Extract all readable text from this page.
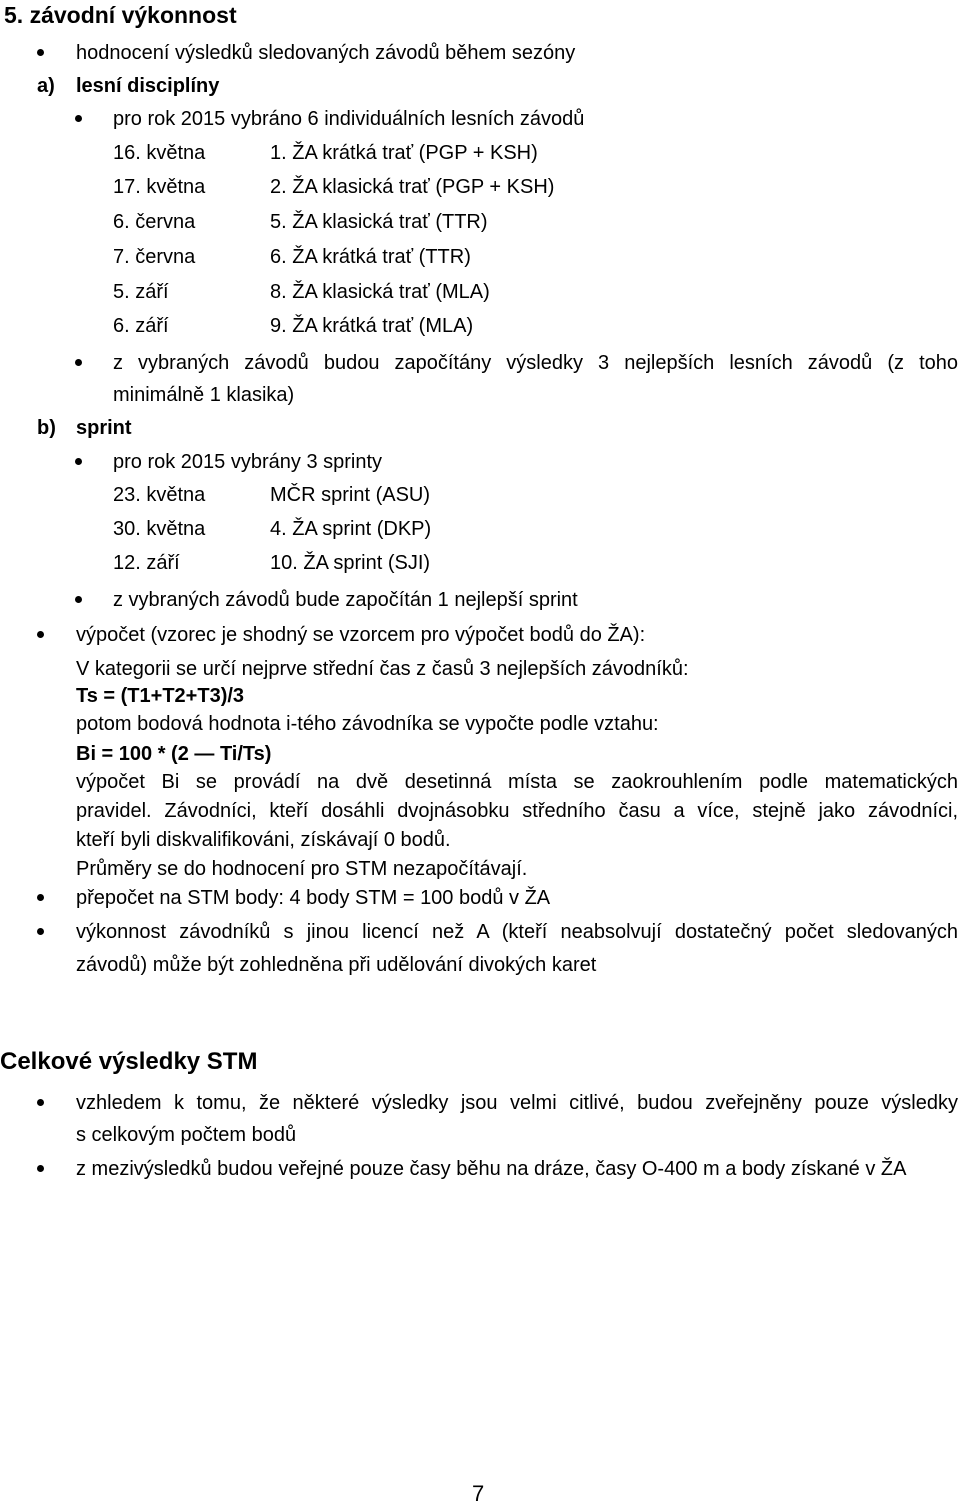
5. závodní výkonnost
hodnocení výsledků sledovaných závodů během sezóny
a) lesní disciplíny
pro rok 2015 vybráno 6 individuálních lesních závodů
16. května	1. ŽA krátká trať (PGP + KSH)
17. května	2. ŽA klasická trať (PGP + KSH)
6. června	5. ŽA klasická trať (TTR)
7. června	6. ŽA krátká trať (TTR)
5. září	8. ŽA klasická trať (MLA)
6. září	9. ŽA krátká trať (MLA)
z vybraných závodů budou započítány výsledky 3 nejlepších lesních závodů (z toho
minimálně 1 klasika)
b) sprint
pro rok 2015 vybrány 3 sprinty
23. května	MČR sprint (ASU)
30. května	4. ŽA sprint (DKP)
12. září	10. ŽA sprint (SJI)
z vybraných závodů bude započítán 1 nejlepší sprint
výpočet (vzorec je shodný se vzorcem pro výpočet bodů do ŽA):
V kategorii se určí nejprve střední čas z časů 3 nejlepších závodníků:
Ts = (T1+T2+T3)/3
potom bodová hodnota i-tého závodníka se vypočte podle vztahu:
Bi = 100 * (2 — Ti/Ts)
výpočet Bi se provádí na dvě desetinná místa se zaokrouhlením podle matematických
pravidel. Závodníci, kteří dosáhli dvojnásobku středního času a více, stejně jako závodníci,
kteří byli diskvalifikováni, získávají 0 bodů.
Průměry se do hodnocení pro STM nezapočítávají.
přepočet na STM body: 4 body STM = 100 bodů v ŽA
výkonnost závodníků s jinou licencí než A (kteří neabsolvují dostatečný počet sledovaných
závodů) může být zohledněna při udělování divokých karet
Celkové výsledky STM
vzhledem k tomu, že některé výsledky jsou velmi citlivé, budou zveřejněny pouze výsledky
s celkovým počtem bodů
z mezivýsledků budou veřejné pouze časy běhu na dráze, časy O-400 m a body získané v ŽA
7
